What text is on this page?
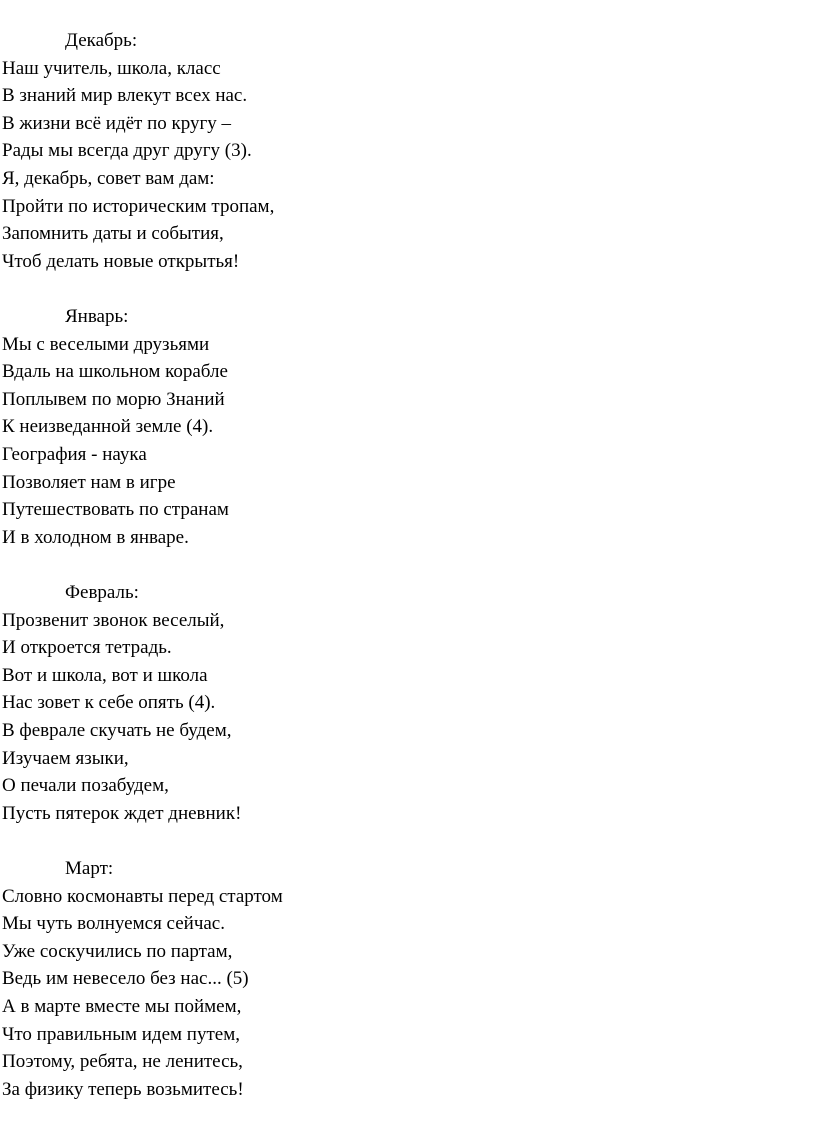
Декабрь:
Наш учитель, школа, класс
В знаний мир влекут всех нас.
В жизни всё идёт по кругу –
Рады мы всегда друг другу (3).
Я, декабрь, совет вам дам:
Пройти по историческим тропам,
Запомнить даты и события,
Чтоб делать новые открытья!
Январь:
Мы с веселыми друзьями
Вдаль на школьном корабле
Поплывем по морю Знаний
К неизведанной земле (4).
География - наука
Позволяет нам в игре
Путешествовать по странам
И в холодном в январе.
Февраль:
Прозвенит звонок веселый,
И откроется тетрадь.
Вот и школа, вот и школа
Нас зовет к себе опять (4).
В феврале скучать не будем,
Изучаем языки,
О печали позабудем,
Пусть пятерок ждет дневник!
Март:
Словно космонавты перед стартом
Мы чуть волнуемся сейчас.
Уже соскучились по партам,
Ведь им невесело без нас... (5)
А в марте вместе мы поймем,
Что правильным идем путем,
Поэтому, ребята, не ленитесь,
За физику теперь возьмитесь!
